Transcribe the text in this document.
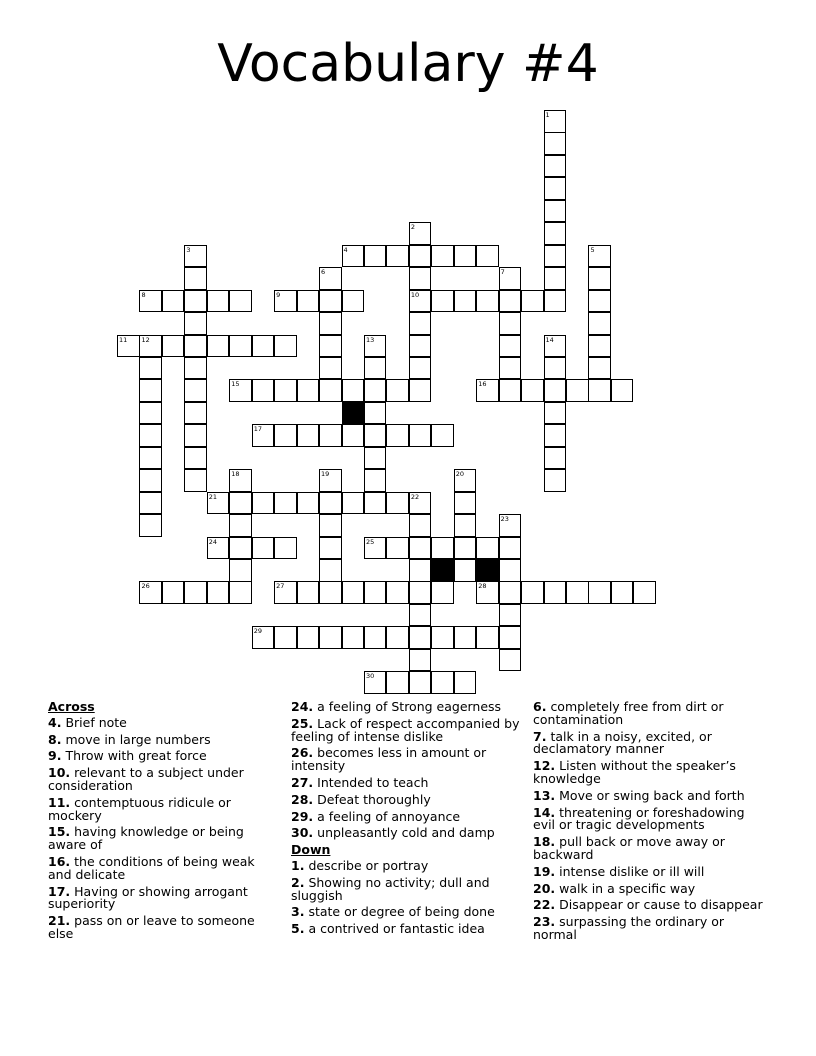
Vocabulary #4
1
2
10
3	4	5
6	7
8	9
11 12	13	14
15	16
17
18	19	20
21	22
23
24	25
26	27	28
29
30
Across
4. Brief note
8. move in large numbers
9. Throw with great force
10. relevant to a subject under consideration
11. contemptuous ridicule or mockery
15. having knowledge or being aware of
16. the conditions of being weak and delicate
17. Having or showing arrogant superiority
21. pass on or leave to someone else
24. a feeling of Strong eagerness
25. Lack of respect accompanied by feeling of intense dislike
26. becomes less in amount or intensity
27. Intended to teach
28. Defeat thoroughly
29. a feeling of annoyance
30. unpleasantly cold and damp
Down
1. describe or portray
2. Showing no activity; dull and sluggish
3. state or degree of being done
5. a contrived or fantastic idea
6. completely free from dirt or contamination
7. talk in a noisy, excited, or declamatory manner
12. Listen without the speaker’s knowledge
13. Move or swing back and forth
14. threatening or foreshadowing evil or tragic developments
18. pull back or move away or backward
19. intense dislike or ill will
20. walk in a specific way
22. Disappear or cause to disappear
23. surpassing the ordinary or normal
